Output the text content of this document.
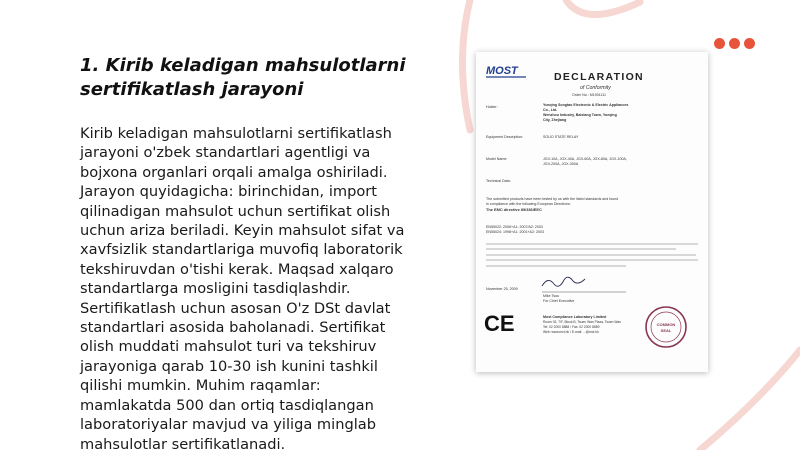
1. Kirib keladigan mahsulotlarni sertifikatlash jarayoni

Kirib keladigan mahsulotlarni sertifikatlash jarayoni o'zbek standartlari agentligi va bojxona organlari orqali amalga oshiriladi. Jarayon quyidagicha: birinchidan, import qilinadigan mahsulot uchun sertifikat olish uchun ariza beriladi. Keyin mahsulot sifat va xavfsizlik standartlariga muvofiq laboratorik tekshiruvdan o'tishi kerak. Maqsad xalqaro standartlarga mosligini tasdiqlashdir. Sertifikatlash uchun asosan O'z DSt davlat standartlari asosida baholanadi. Sertifikat olish muddati mahsulot turi va tekshiruv jarayoniga qarab 10-30 ish kunini tashkil qilishi mumkin. Muhim raqamlar: mamlakatda 500 dan ortiq tasdiqlangan laboratoriyalar mavjud va yiliga minglab mahsulotlar sertifikatlanadi.

MOST	DECLARATION
of Conformity
Order No.: M1901111
Holder:	Yueqing Songtao Electronic & Electric Appliances
Co., Ltd.
Wenzhou Industry, Baixiang Town, Yueqing
City, Zhejiang
Equipment Description:	SOLID STATE RELAY
Model Name:	JGX-10A, JGX-40A, JGX-60A, JGX-80A, JGX-100A,
JGX-200A, JGX-300A
Technical Data:
The submitted products have been tested by us with the listed standards and found
in compliance with the following European Directives:
The EMC directive 89/336/EEC
EN55022: 2006+A1: 2007/A2: 2003
EN55024: 1998+A1: 2001+A2: 2003
November 25, 2009
Mike Tsou
For Chief Executive
CE	Most Compliance Laboratory Limited
Room 02, 7/F, Block B, Tsuen Wan Plaza, Tsuen Wan
Tel: 02 2000 8888 / Fax: 02 2000 8889
Web: www.mct.hk / E-mail: ...@mct.hk
COMMON
SEAL
